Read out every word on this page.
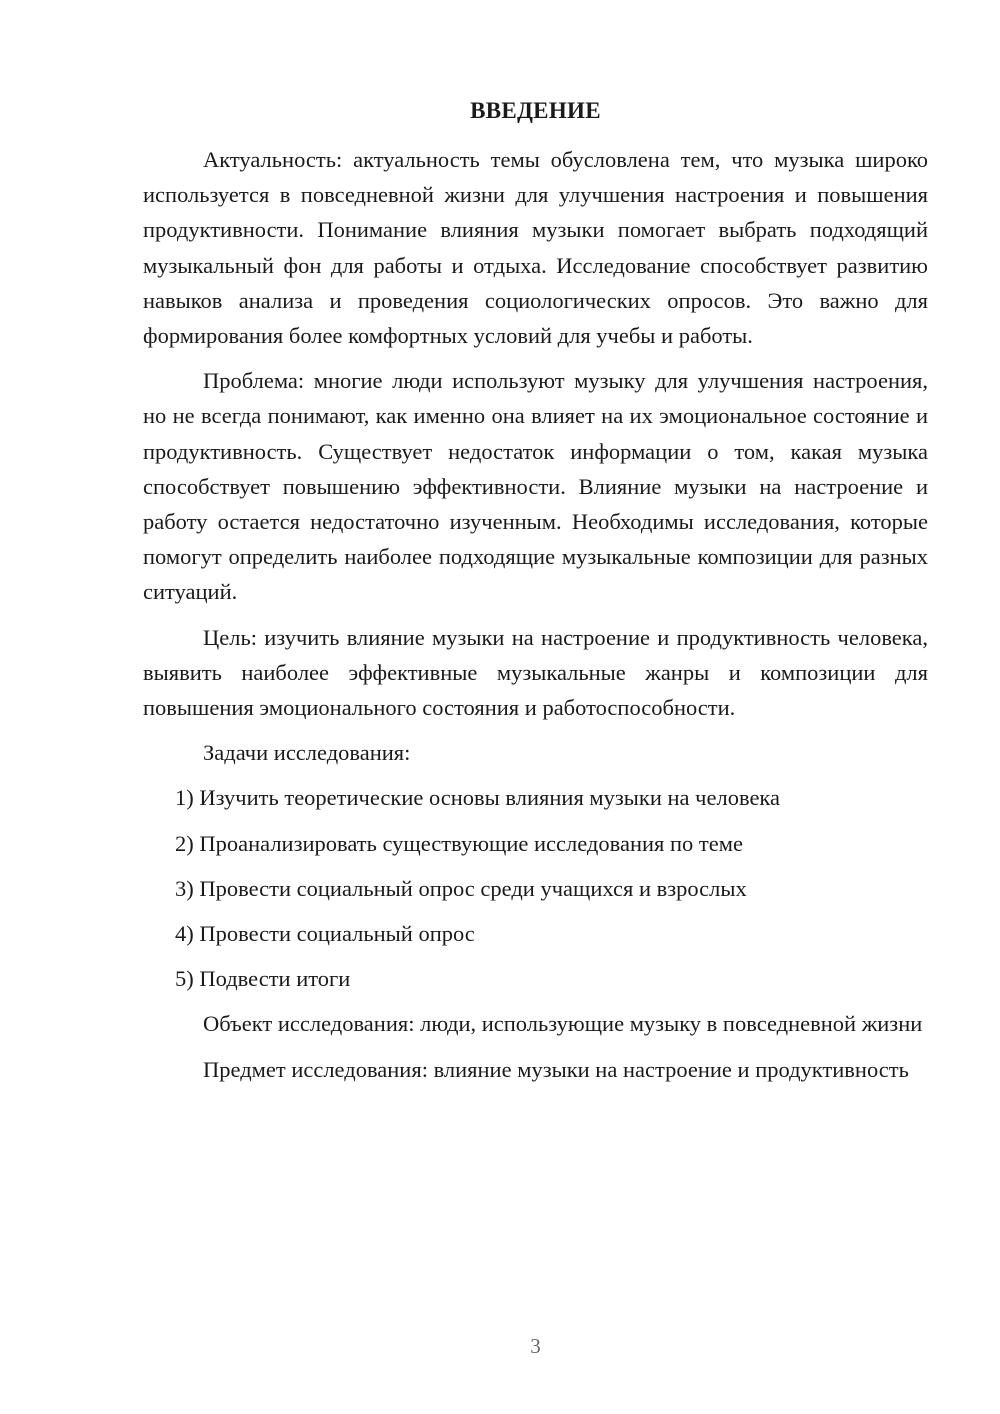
ВВЕДЕНИЕ

Актуальность: актуальность темы обусловлена тем, что музыка широко используется в повседневной жизни для улучшения настроения и повышения продуктивности. Понимание влияния музыки помогает выбрать подходящий музыкальный фон для работы и отдыха. Исследование способствует развитию навыков анализа и проведения социологических опросов. Это важно для формирования более комфортных условий для учебы и работы.

Проблема: многие люди используют музыку для улучшения настроения, но не всегда понимают, как именно она влияет на их эмоциональное состояние и продуктивность. Существует недостаток информации о том, какая музыка способствует повышению эффективности. Влияние музыки на настроение и работу остается недостаточно изученным. Необходимы исследования, которые помогут определить наиболее подходящие музыкальные композиции для разных ситуаций.

Цель: изучить влияние музыки на настроение и продуктивность человека, выявить наиболее эффективные музыкальные жанры и композиции для повышения эмоционального состояния и работоспособности.

Задачи исследования:
1) Изучить теоретические основы влияния музыки на человека
2) Проанализировать существующие исследования по теме
3) Провести социальный опрос среди учащихся и взрослых
4) Провести социальный опрос
5) Подвести итоги

Объект исследования: люди, использующие музыку в повседневной жизни

Предмет исследования: влияние музыки на настроение и продуктивность

3
